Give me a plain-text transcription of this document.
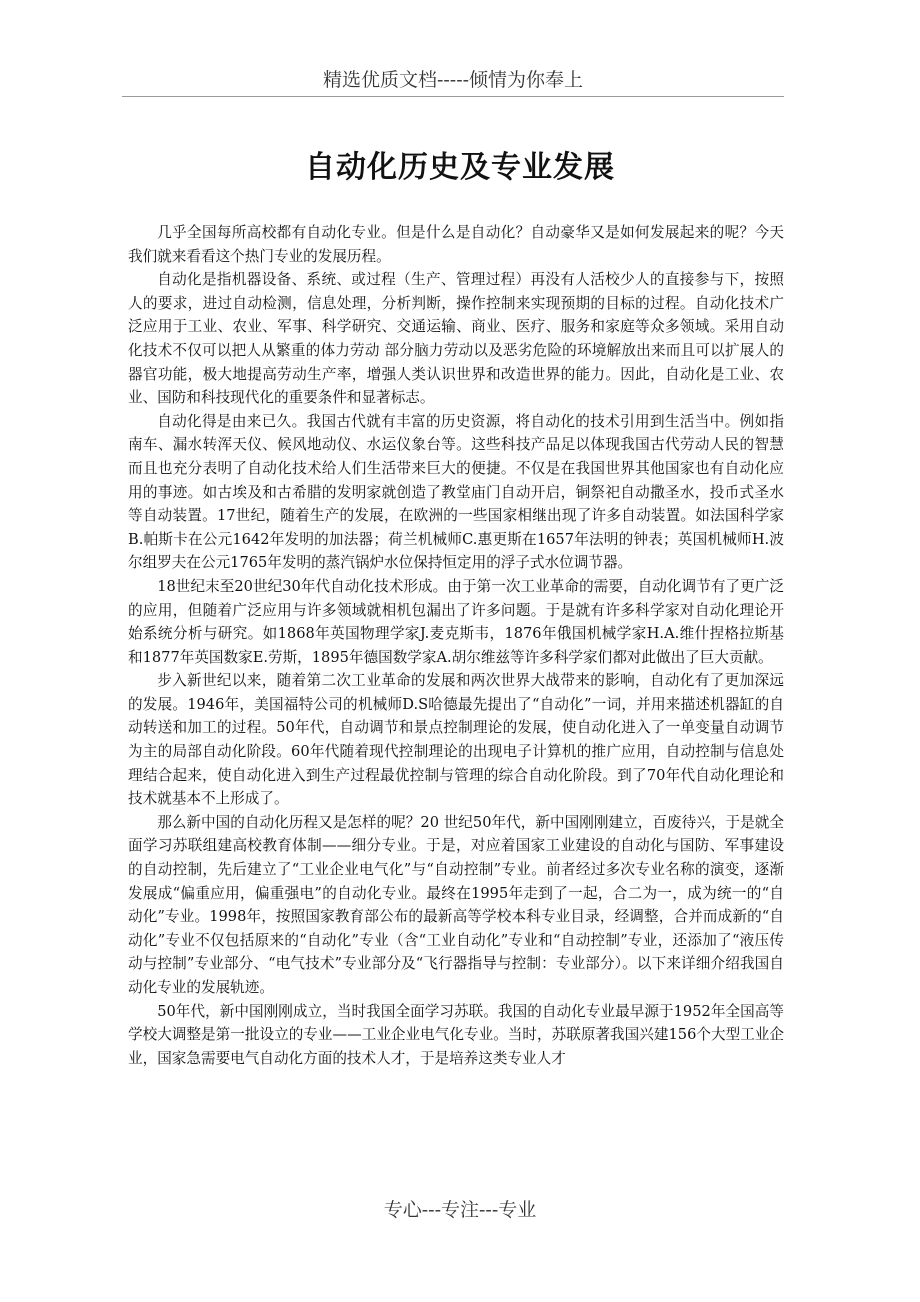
精选优质文档-----倾情为你奉上
自动化历史及专业发展

几乎全国每所高校都有自动化专业。但是什么是自动化？自动豪华又是如何发展起来的呢？今天我们就来看看这个热门专业的发展历程。

自动化是指机器设备、系统、或过程（生产、管理过程）再没有人活校少人的直接参与下，按照人的要求，进过自动检测，信息处理，分析判断，操作控制来实现预期的目标的过程。自动化技术广泛应用于工业、农业、军事、科学研究、交通运输、商业、医疗、服务和家庭等众多领域。采用自动化技术不仅可以把人从繁重的体力劳动 部分脑力劳动以及恶劣危险的环境解放出来而且可以扩展人的器官功能，极大地提高劳动生产率，增强人类认识世界和改造世界的能力。因此，自动化是工业、农业、国防和科技现代化的重要条件和显著标志。

自动化得是由来已久。我国古代就有丰富的历史资源，将自动化的技术引用到生活当中。例如指南车、漏水转浑天仪、候风地动仪、水运仪象台等。这些科技产品足以体现我国古代劳动人民的智慧而且也充分表明了自动化技术给人们生活带来巨大的便捷。不仅是在我国世界其他国家也有自动化应用的事迹。如古埃及和古希腊的发明家就创造了教堂庙门自动开启，铜祭祀自动撒圣水，投币式圣水等自动装置。17世纪，随着生产的发展，在欧洲的一些国家相继出现了许多自动装置。如法国科学家B.帕斯卡在公元1642年发明的加法器；荷兰机械师C.惠更斯在1657年法明的钟表；英国机械师H.波尔组罗夫在公元1765年发明的蒸汽锅炉水位保持恒定用的浮子式水位调节器。

18世纪末至20世纪30年代自动化技术形成。由于第一次工业革命的需要，自动化调节有了更广泛的应用，但随着广泛应用与许多领域就相机包漏出了许多问题。于是就有许多科学家对自动化理论开始系统分析与研究。如1868年英国物理学家J.麦克斯韦，1876年俄国机械学家H.A.维什捏格拉斯基和1877年英国数家E.劳斯，1895年德国数学家A.胡尔维兹等许多科学家们都对此做出了巨大贡献。

步入新世纪以来，随着第二次工业革命的发展和两次世界大战带来的影响，自动化有了更加深远的发展。1946年，美国福特公司的机械师D.S哈德最先提出了“自动化”一词，并用来描述机器缸的自动转送和加工的过程。50年代，自动调节和景点控制理论的发展，使自动化进入了一单变量自动调节为主的局部自动化阶段。60年代随着现代控制理论的出现电子计算机的推广应用，自动控制与信息处理结合起来，使自动化进入到生产过程最优控制与管理的综合自动化阶段。到了70年代自动化理论和技术就基本不上形成了。

那么新中国的自动化历程又是怎样的呢？20 世纪50年代，新中国刚刚建立，百废待兴，于是就全面学习苏联组建高校教育体制——细分专业。于是，对应着国家工业建设的自动化与国防、军事建设的自动控制，先后建立了“工业企业电气化”与“自动控制”专业。前者经过多次专业名称的演变，逐渐发展成“偏重应用，偏重强电”的自动化专业。最终在1995年走到了一起，合二为一，成为统一的“自动化”专业。1998年，按照国家教育部公布的最新高等学校本科专业目录，经调整，合并而成新的“自动化”专业不仅包括原来的“自动化”专业（含“工业自动化”专业和“自动控制”专业，还添加了“液压传动与控制”专业部分、“电气技术”专业部分及“飞行器指导与控制：专业部分）。以下来详细介绍我国自动化专业的发展轨迹。

50年代，新中国刚刚成立，当时我国全面学习苏联。我国的自动化专业最早源于1952年全国高等学校大调整是第一批设立的专业——工业企业电气化专业。当时，苏联原著我国兴建156个大型工业企业，国家急需要电气自动化方面的技术人才，于是培养这类专业人才

专心---专注---专业
